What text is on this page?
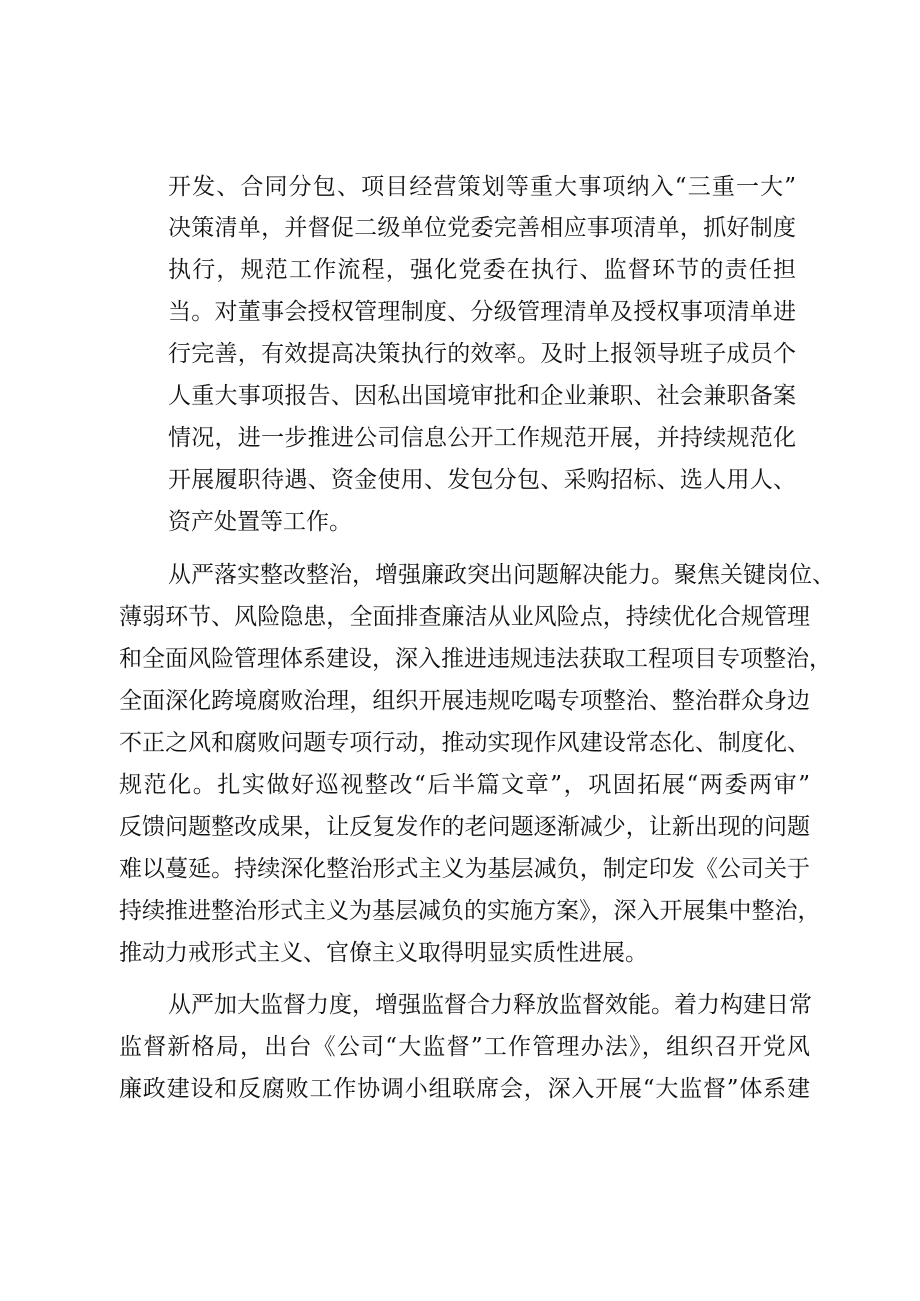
开发、合同分包、项目经营策划等重大事项纳入“三重一大”
决策清单，并督促二级单位党委完善相应事项清单，抓好制度
执行，规范工作流程，强化党委在执行、监督环节的责任担
当。对董事会授权管理制度、分级管理清单及授权事项清单进
行完善，有效提高决策执行的效率。及时上报领导班子成员个
人重大事项报告、因私出国境审批和企业兼职、社会兼职备案
情况，进一步推进公司信息公开工作规范开展，并持续规范化
开展履职待遇、资金使用、发包分包、采购招标、选人用人、
资产处置等工作。
从严落实整改整治，增强廉政突出问题解决能力。聚焦关键岗位、
薄弱环节、风险隐患，全面排查廉洁从业风险点，持续优化合规管理
和全面风险管理体系建设，深入推进违规违法获取工程项目专项整治，
全面深化跨境腐败治理，组织开展违规吃喝专项整治、整治群众身边
不正之风和腐败问题专项行动，推动实现作风建设常态化、制度化、
规范化。扎实做好巡视整改“后半篇文章”，巩固拓展“两委两审”
反馈问题整改成果，让反复发作的老问题逐渐减少，让新出现的问题
难以蔓延。持续深化整治形式主义为基层减负，制定印发《公司关于
持续推进整治形式主义为基层减负的实施方案》，深入开展集中整治，
推动力戒形式主义、官僚主义取得明显实质性进展。
从严加大监督力度，增强监督合力释放监督效能。着力构建日常
监督新格局，出台《公司“大监督”工作管理办法》，组织召开党风
廉政建设和反腐败工作协调小组联席会，深入开展“大监督”体系建
